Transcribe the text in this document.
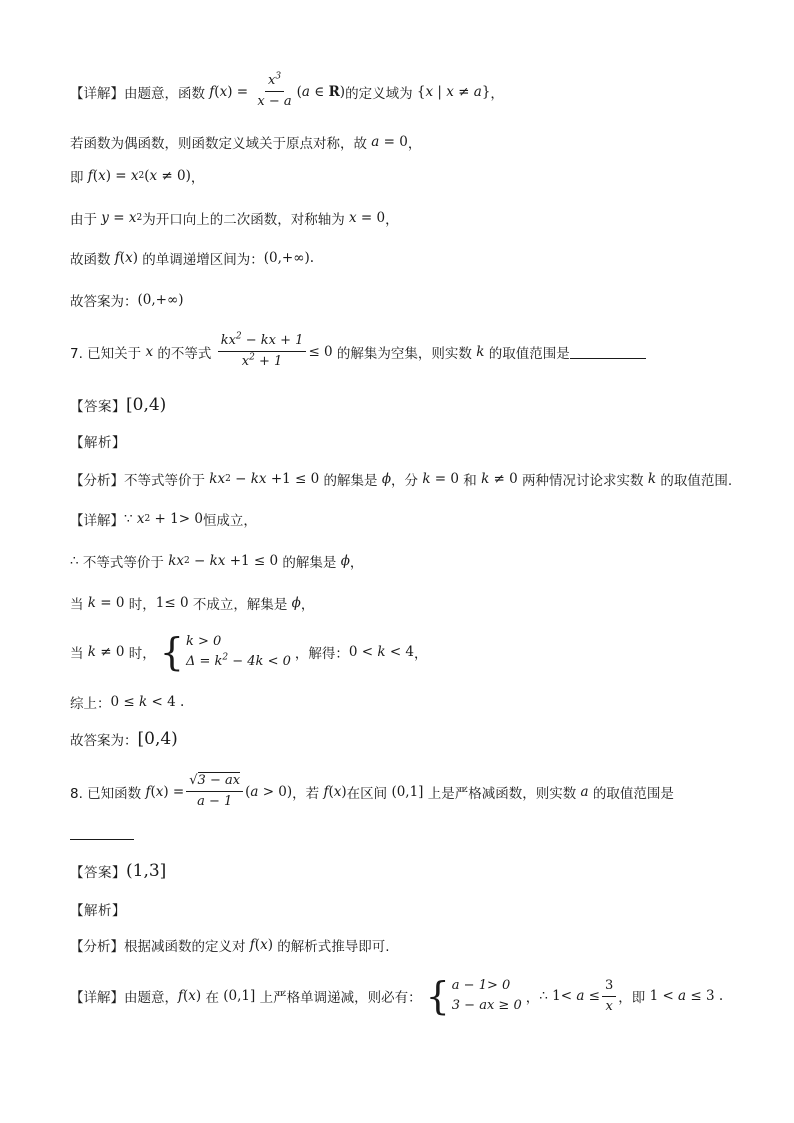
【详解】由题意，函数 f ( x ) = $\frac{x^3}{x - a}$ ( a ∈ R) 的定义域为 { x | x ≠ a } ，
若函数为偶函数，则函数定义域关于原点对称，故 a = 0 ，
即 f ( x ) = x 2 ( x ≠ 0) ，
由于 y = x 2 为开口向上的二次函数，对称轴为 x = 0 ，
故函数 f ( x ) 的单调递增区间为： (0,+∞).
故答案为： (0,+∞)
7. 已知关于 x 的不等式 $\frac{kx^2 - kx + 1}{x^2 + 1} \le 0$ 的解集为空集，则实数 k 的取值范围是
【答案】 [0,4)
【解析】
【分析】不等式等价于 kx 2 − kx +1 ≤ 0 的解集是 ϕ ，分 k = 0 和 k ≠ 0 两种情况讨论求实数 k 的取值范围.
【详解】 ∵ x 2 + 1> 0 恒成立，
∴ 不等式等价于 kx 2 − kx +1 ≤ 0 的解集是 ϕ ，
当 k = 0 时， 1≤ 0 不成立，解集是 ϕ ，
当 k ≠ 0 时， { k > 0
$\Delta = k^2 - 4k < 0$ ，解得： 0 < k < 4 ，
综上： 0 ≤ k < 4 .
故答案为： [0,4)
8. 已知函数 f ( x ) = $\frac{√3 - ax}{a - 1}$ ( a > 0) ，若 f ( x ) 在区间 (0,1] 上是严格减函数，则实数 a 的取值范围是
【答案】 (1,3]
【解析】
【分析】根据减函数的定义对 f ( x ) 的解析式推导即可.
【详解】由题意， f ( x ) 在 (0,1] 上严格单调递减，则必有： { a − 1> 0
3 − ax ≥ 0 ， ∴ $1< a \le \frac{3}{x}$ ，即 1 < a ≤ 3 .
